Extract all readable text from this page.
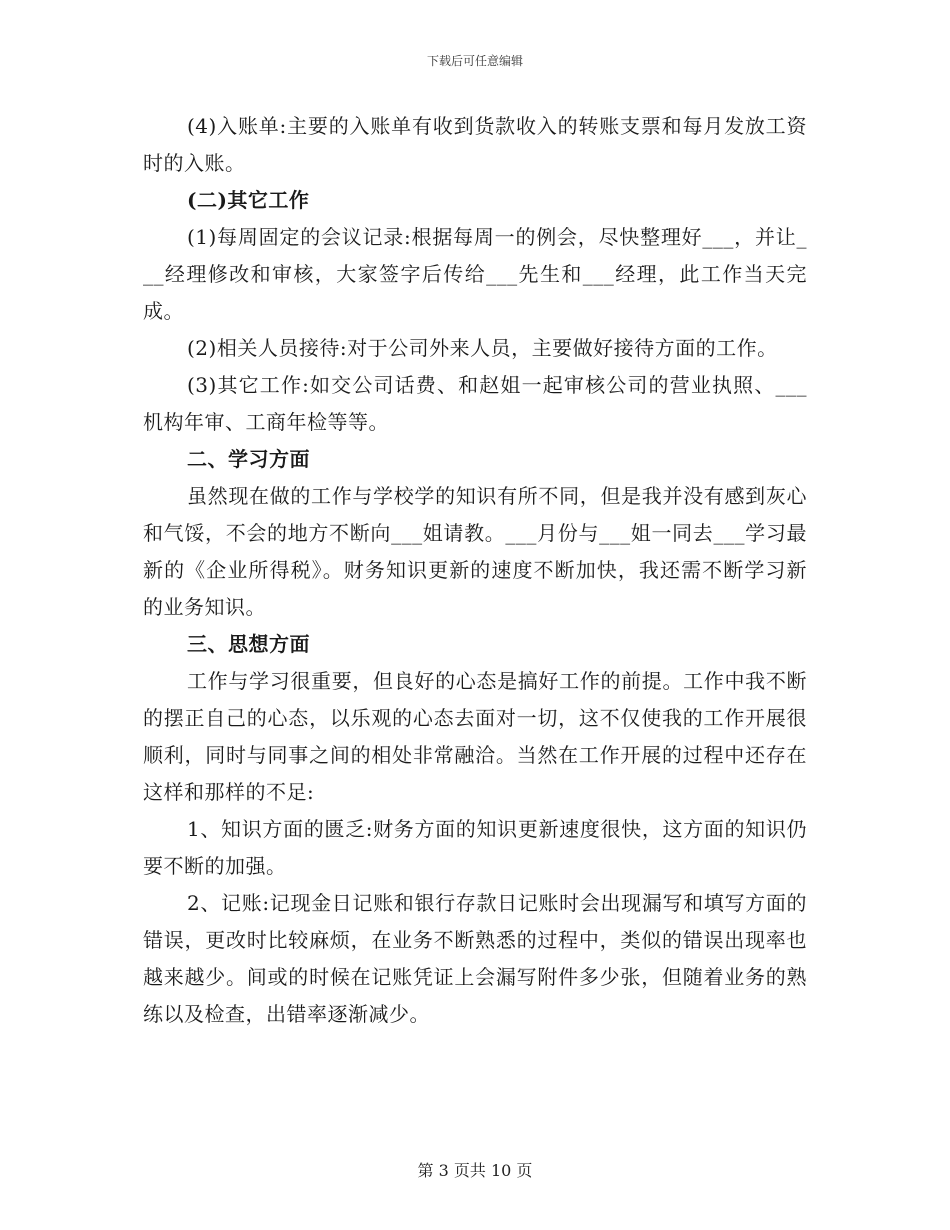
下载后可任意编辑

(4)入账单:主要的入账单有收到货款收入的转账支票和每月发放工资时的入账。

(二)其它工作

(1)每周固定的会议记录:根据每周一的例会，尽快整理好___，并让___经理修改和审核，大家签字后传给___先生和___经理，此工作当天完成。

(2)相关人员接待:对于公司外来人员，主要做好接待方面的工作。

(3)其它工作:如交公司话费、和赵姐一起审核公司的营业执照、___机构年审、工商年检等等。

二、学习方面

虽然现在做的工作与学校学的知识有所不同，但是我并没有感到灰心和气馁，不会的地方不断向___姐请教。___月份与___姐一同去___学习最新的《企业所得税》。财务知识更新的速度不断加快，我还需不断学习新的业务知识。

三、思想方面

工作与学习很重要，但良好的心态是搞好工作的前提。工作中我不断的摆正自己的心态，以乐观的心态去面对一切，这不仅使我的工作开展很顺利，同时与同事之间的相处非常融洽。当然在工作开展的过程中还存在这样和那样的不足:

1、知识方面的匮乏:财务方面的知识更新速度很快，这方面的知识仍要不断的加强。

2、记账:记现金日记账和银行存款日记账时会出现漏写和填写方面的错误，更改时比较麻烦，在业务不断熟悉的过程中，类似的错误出现率也越来越少。间或的时候在记账凭证上会漏写附件多少张，但随着业务的熟练以及检查，出错率逐渐减少。

第 3 页共 10 页
